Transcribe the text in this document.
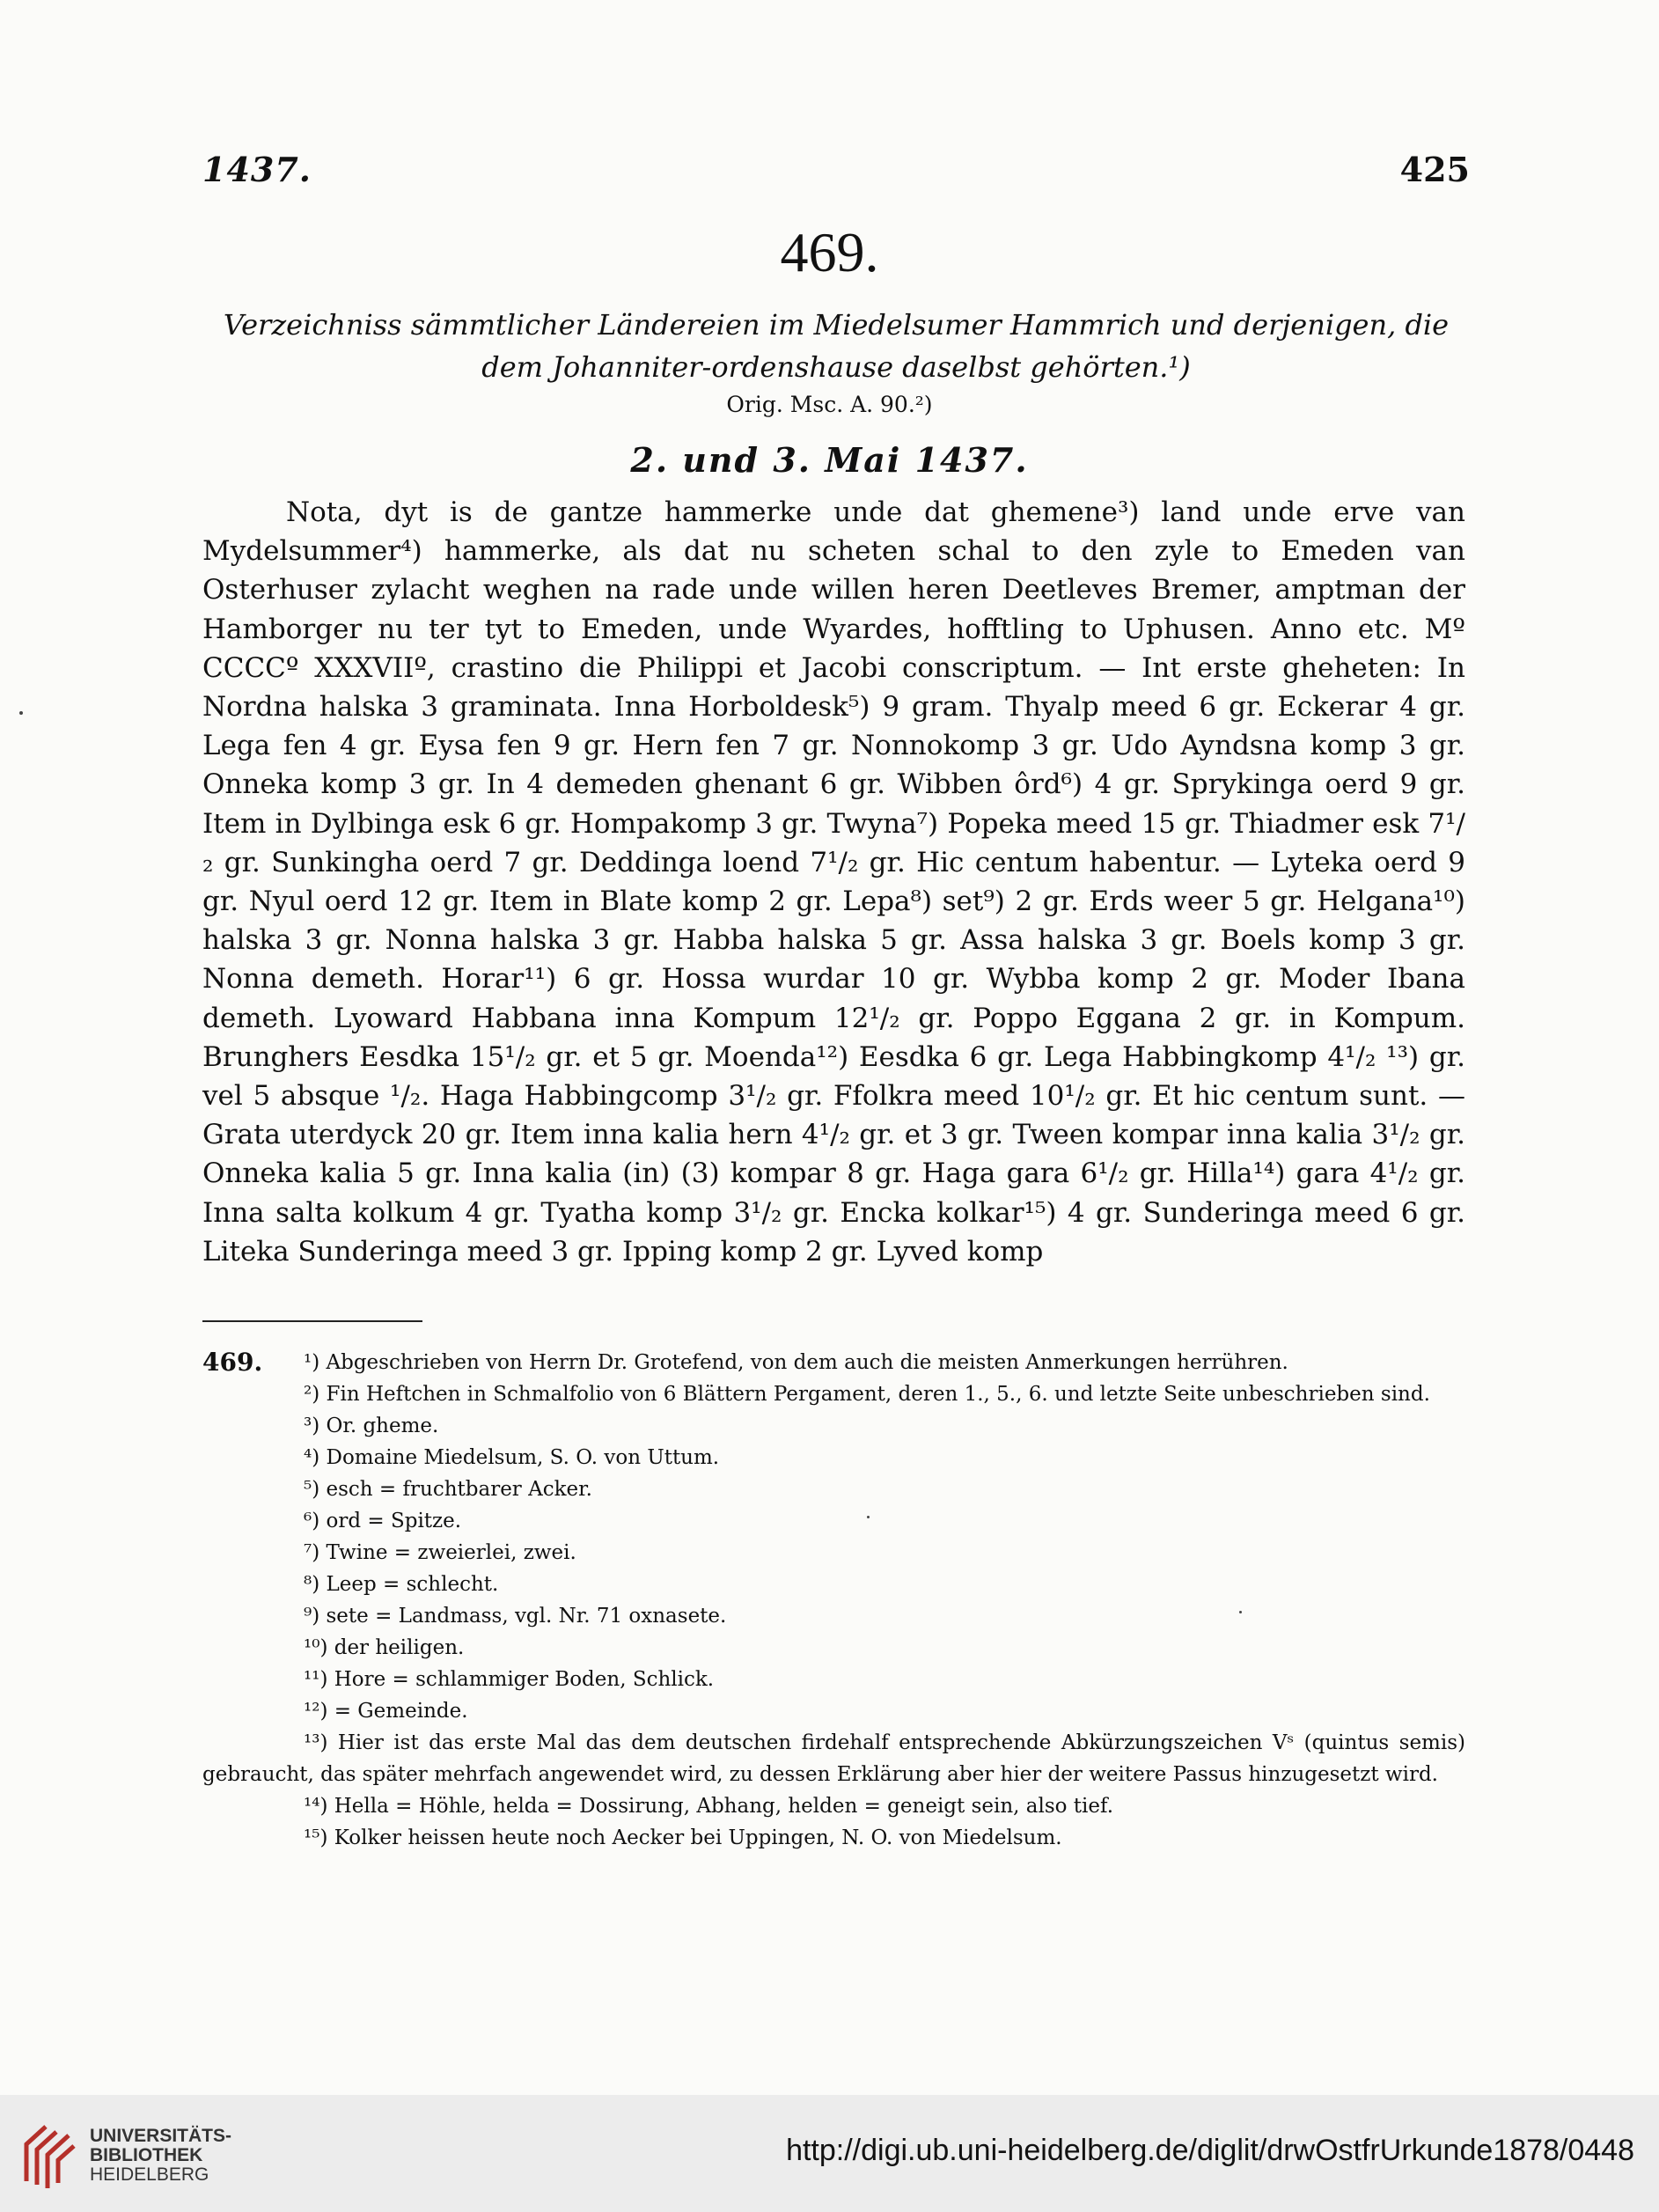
1437.	425
469.
Verzeichniss sämmtlicher Ländereien im Miedelsumer Hammrich und derjenigen, die dem Johanniter-ordenshause daselbst gehörten.¹)
Orig. Msc. A. 90.²)
2. und 3. Mai 1437.
Nota, dyt is de gantze hammerke unde dat ghemene³) land unde erve van Mydelsummer⁴) hammerke, als dat nu scheten schal to den zyle to Emeden van Osterhuser zylacht weghen na rade unde willen heren Deetleves Bremer, amptman der Hamborger nu ter tyt to Emeden, unde Wyardes, hofftling to Uphusen. Anno etc. Mº CCCCº XXXVIIº, crastino die Philippi et Jacobi conscriptum. — Int erste gheheten: In Nordna halska 3 graminata. Inna Horboldesk⁵) 9 gram. Thyalp meed 6 gr. Eckerar 4 gr. Lega fen 4 gr. Eysa fen 9 gr. Hern fen 7 gr. Nonnokomp 3 gr. Udo Ayndsna komp 3 gr. Onneka komp 3 gr. In 4 demeden ghenant 6 gr. Wibben ôrd⁶) 4 gr. Sprykinga oerd 9 gr. Item in Dylbinga esk 6 gr. Hompakomp 3 gr. Twyna⁷) Popeka meed 15 gr. Thiadmer esk 7¹/₂ gr. Sunkingha oerd 7 gr. Deddinga loend 7¹/₂ gr. Hic centum habentur. — Lyteka oerd 9 gr. Nyul oerd 12 gr. Item in Blate komp 2 gr. Lepa⁸) set⁹) 2 gr. Erds weer 5 gr. Helgana¹⁰) halska 3 gr. Nonna halska 3 gr. Habba halska 5 gr. Assa halska 3 gr. Boels komp 3 gr. Nonna demeth. Horar¹¹) 6 gr. Hossa wurdar 10 gr. Wybba komp 2 gr. Moder Ibana demeth. Lyoward Habbana inna Kompum 12¹/₂ gr. Poppo Eggana 2 gr. in Kompum. Brunghers Eesdka 15¹/₂ gr. et 5 gr. Moenda¹²) Eesdka 6 gr. Lega Habbingkomp 4¹/₂ ¹³) gr. vel 5 absque ¹/₂. Haga Habbingcomp 3¹/₂ gr. Ffolkra meed 10¹/₂ gr. Et hic centum sunt. — Grata uterdyck 20 gr. Item inna kalia hern 4¹/₂ gr. et 3 gr. Tween kompar inna kalia 3¹/₂ gr. Onneka kalia 5 gr. Inna kalia (in) (3) kompar 8 gr. Haga gara 6¹/₂ gr. Hilla¹⁴) gara 4¹/₂ gr. Inna salta kolkum 4 gr. Tyatha komp 3¹/₂ gr. Encka kolkar¹⁵) 4 gr. Sunderinga meed 6 gr. Liteka Sunderinga meed 3 gr. Ipping komp 2 gr. Lyved komp
469. ¹) Abgeschrieben von Herrn Dr. Grotefend, von dem auch die meisten Anmerkungen herrühren.
²) Fin Heftchen in Schmalfolio von 6 Blättern Pergament, deren 1., 5., 6. und letzte Seite unbeschrieben sind.
³) Or. gheme.
⁴) Domaine Miedelsum, S. O. von Uttum.
⁵) esch = fruchtbarer Acker.
⁶) ord = Spitze.
⁷) Twine = zweierlei, zwei.
⁸) Leep = schlecht.
⁹) sete = Landmass, vgl. Nr. 71 oxnasete.
¹⁰) der heiligen.
¹¹) Hore = schlammiger Boden, Schlick.
¹²) = Gemeinde.
¹³) Hier ist das erste Mal das dem deutschen firdehalf entsprechende Abkürzungszeichen Vˢ (quintus semis) gebraucht, das später mehrfach angewendet wird, zu dessen Erklärung aber hier der weitere Passus hinzugesetzt wird.
¹⁴) Hella = Höhle, helda = Dossirung, Abhang, helden = geneigt sein, also tief.
¹⁵) Kolker heissen heute noch Aecker bei Uppingen, N. O. von Miedelsum.
UNIVERSITÄTS-
BIBLIOTHEK
HEIDELBERG
http://digi.ub.uni-heidelberg.de/diglit/drwOstfrUrkunde1878/0448
